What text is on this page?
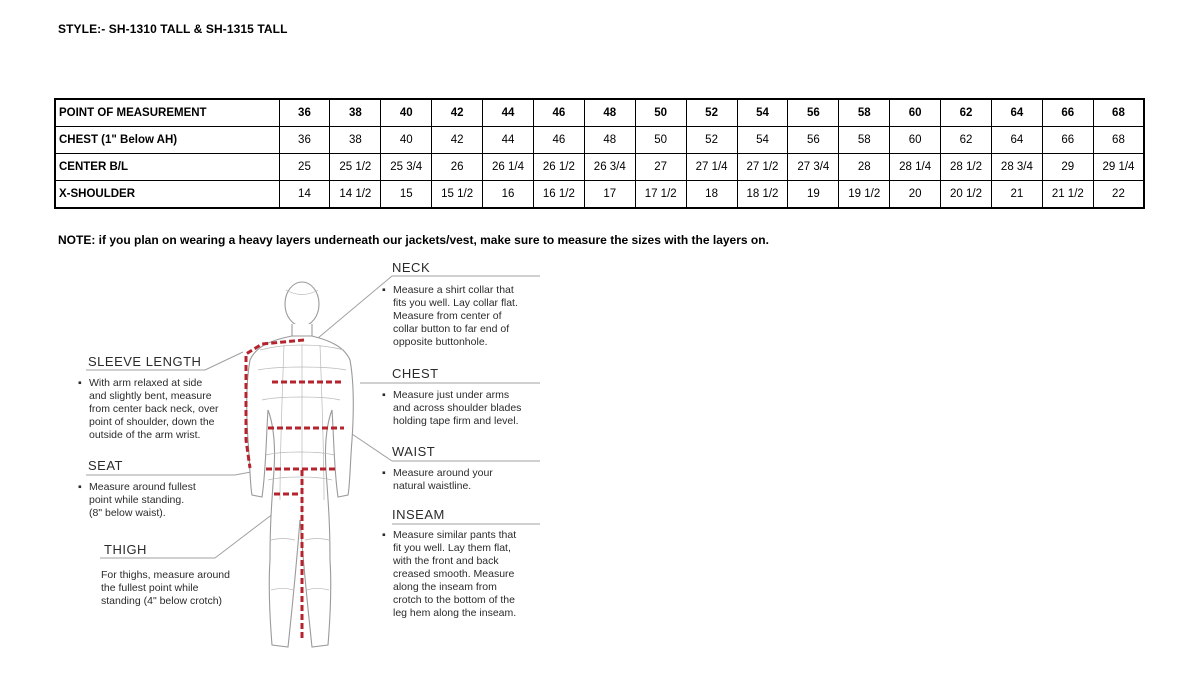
STYLE:- SH-1310 TALL & SH-1315 TALL
POINT OF MEASUREMENT	36	38	40	42	44	46	48	50	52	54	56	58	60	62	64	66	68
CHEST (1" Below AH)	36	38	40	42	44	46	48	50	52	54	56	58	60	62	64	66	68
CENTER B/L	25	25 1/2	25 3/4	26	26 1/4	26 1/2	26 3/4	27	27 1/4	27 1/2	27 3/4	28	28 1/4	28 1/2	28 3/4	29	29 1/4
X-SHOULDER	14	14 1/2	15	15 1/2	16	16 1/2	17	17 1/2	18	18 1/2	19	19 1/2	20	20 1/2	21	21 1/2	22
NOTE: if you plan on wearing a heavy layers underneath our jackets/vest, make sure to measure the sizes with the layers on.
NECK
▪ Measure a shirt collar that
fits you well. Lay collar flat.
Measure from center of
collar button to far end of
opposite buttonhole.
CHEST
▪ Measure just under arms
and across shoulder blades
holding tape firm and level.
WAIST
▪ Measure around your
natural waistline.
INSEAM
▪ Measure similar pants that
fit you well. Lay them flat,
with the front and back
creased smooth. Measure
along the inseam from
crotch to the bottom of the
leg hem along the inseam.
SLEEVE LENGTH
▪ With arm relaxed at side
and slightly bent, measure
from center back neck, over
point of shoulder, down the
outside of the arm wrist.
SEAT
▪ Measure around fullest
point while standing.
(8" below waist).
THIGH
For thighs, measure around
the fullest point while
standing (4" below crotch)
